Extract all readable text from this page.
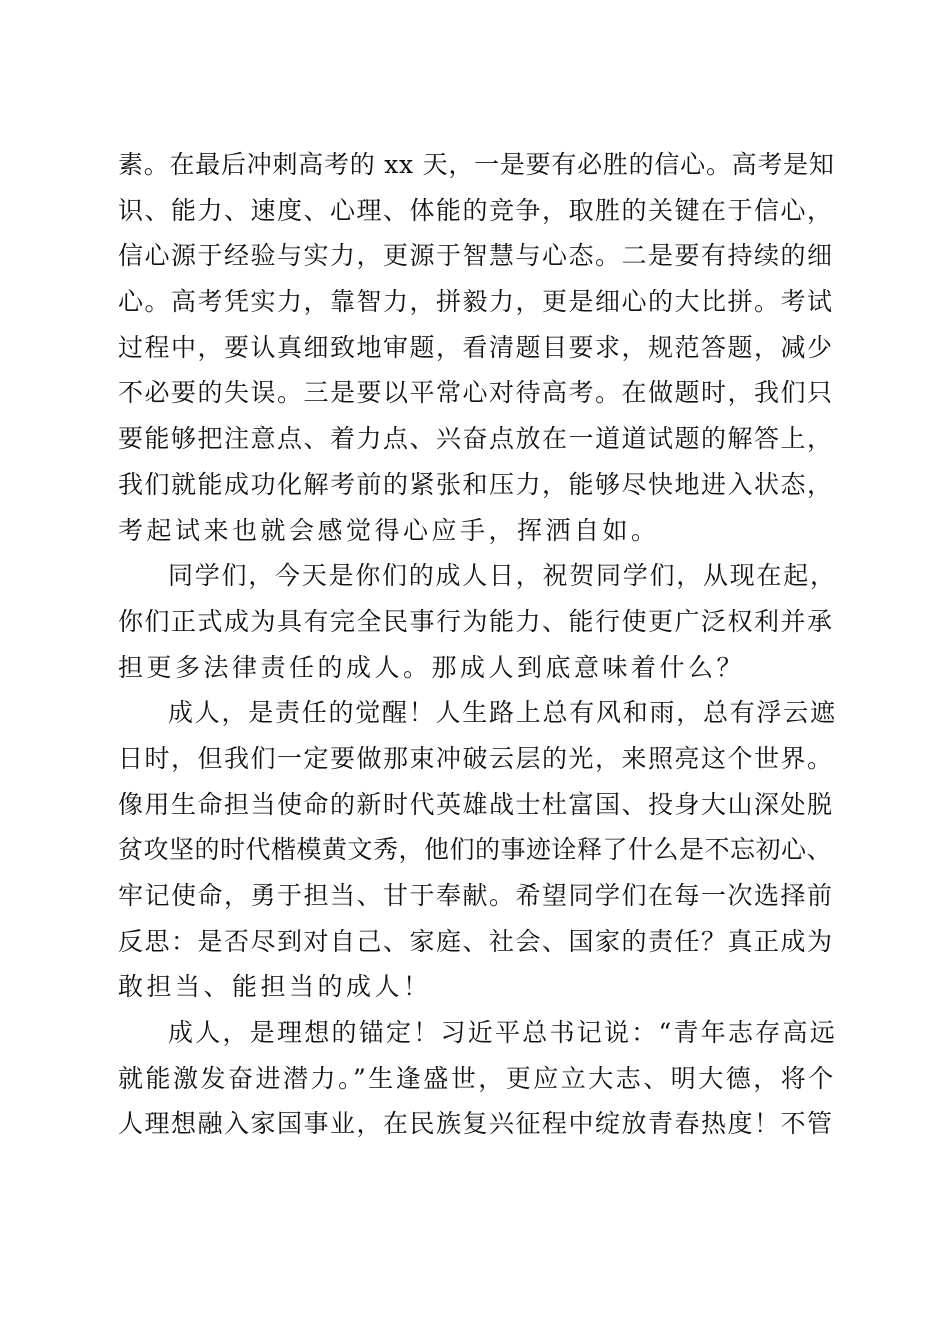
素。在最后冲刺高考的 xx 天，一是要有必胜的信心。高考是知
识、能力、速度、心理、体能的竞争，取胜的关键在于信心，
信心源于经验与实力，更源于智慧与心态。二是要有持续的细
心。高考凭实力，靠智力，拼毅力，更是细心的大比拼。考试
过程中，要认真细致地审题，看清题目要求，规范答题，减少
不必要的失误。三是要以平常心对待高考。在做题时，我们只
要能够把注意点、着力点、兴奋点放在一道道试题的解答上，
我们就能成功化解考前的紧张和压力，能够尽快地进入状态，
考起试来也就会感觉得心应手，挥洒自如。
同学们，今天是你们的成人日，祝贺同学们，从现在起，
你们正式成为具有完全民事行为能力、能行使更广泛权利并承
担更多法律责任的成人。那成人到底意味着什么？
成人，是责任的觉醒！人生路上总有风和雨，总有浮云遮
日时，但我们一定要做那束冲破云层的光，来照亮这个世界。
像用生命担当使命的新时代英雄战士杜富国、投身大山深处脱
贫攻坚的时代楷模黄文秀，他们的事迹诠释了什么是不忘初心、
牢记使命，勇于担当、甘于奉献。希望同学们在每一次选择前
反思：是否尽到对自己、家庭、社会、国家的责任？真正成为
敢担当、能担当的成人！
成人，是理想的锚定！习近平总书记说：“青年志存高远
就能激发奋进潜力。”生逢盛世，更应立大志、明大德，将个
人理想融入家国事业，在民族复兴征程中绽放青春热度！不管
